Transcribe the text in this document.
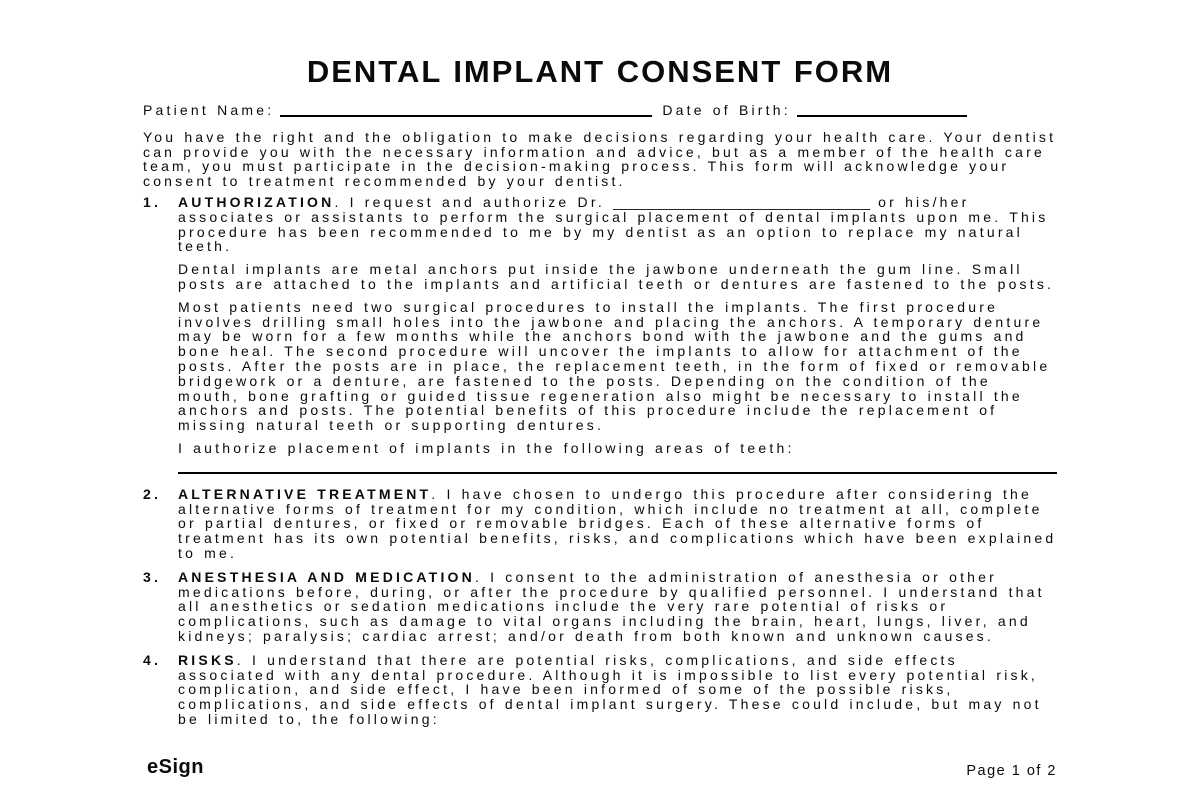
DENTAL IMPLANT CONSENT FORM
Patient Name:	Date of Birth:

You have the right and the obligation to make decisions regarding your health care. Your dentist can provide you with the necessary information and advice, but as a member of the health care team, you must participate in the decision-making process. This form will acknowledge your consent to treatment recommended by your dentist.

1.	AUTHORIZATION. I request and authorize Dr. _________________________________ or his/her associates or assistants to perform the surgical placement of dental implants upon me. This procedure has been recommended to me by my dentist as an option to replace my natural teeth.

Dental implants are metal anchors put inside the jawbone underneath the gum line. Small posts are attached to the implants and artificial teeth or dentures are fastened to the posts.

Most patients need two surgical procedures to install the implants. The first procedure involves drilling small holes into the jawbone and placing the anchors. A temporary denture may be worn for a few months while the anchors bond with the jawbone and the gums and bone heal. The second procedure will uncover the implants to allow for attachment of the posts. After the posts are in place, the replacement teeth, in the form of fixed or removable bridgework or a denture, are fastened to the posts. Depending on the condition of the mouth, bone grafting or guided tissue regeneration also might be necessary to install the anchors and posts. The potential benefits of this procedure include the replacement of missing natural teeth or supporting dentures.

I authorize placement of implants in the following areas of teeth:

2.	ALTERNATIVE TREATMENT. I have chosen to undergo this procedure after considering the alternative forms of treatment for my condition, which include no treatment at all, complete or partial dentures, or fixed or removable bridges. Each of these alternative forms of treatment has its own potential benefits, risks, and complications which have been explained to me.

3.	ANESTHESIA AND MEDICATION. I consent to the administration of anesthesia or other medications before, during, or after the procedure by qualified personnel. I understand that all anesthetics or sedation medications include the very rare potential of risks or complications, such as damage to vital organs including the brain, heart, lungs, liver, and kidneys; paralysis; cardiac arrest; and/or death from both known and unknown causes.

4.	RISKS. I understand that there are potential risks, complications, and side effects associated with any dental procedure. Although it is impossible to list every potential risk, complication, and side effect, I have been informed of some of the possible risks, complications, and side effects of dental implant surgery. These could include, but may not be limited to, the following:

eSign	Page 1 of 2
